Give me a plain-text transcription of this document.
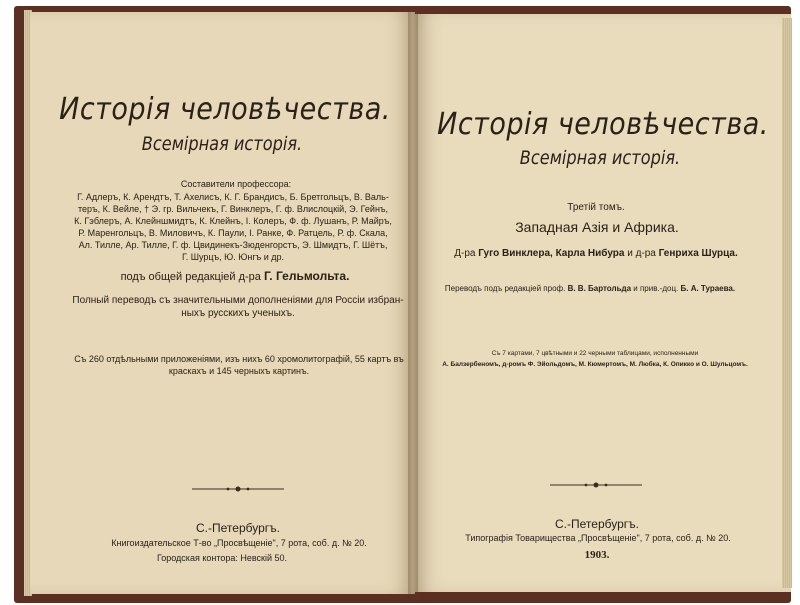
Исторія человѣчества.
Всемірная исторія.
Составители профессора:
Г. Адлеръ, К. Арендтъ, Т. Ахелисъ, К. Г. Брандисъ, Б. Бретгольцъ, В. Валь-
теръ, К. Вейле, † Э. гр. Вильчекъ, Г. Винклеръ, Г. ф. Влислоцкій, Э. Гейнъ,
К. Гэблеръ, А. Клейншмидтъ, К. Клейнъ, І. Колеръ, Ф. ф. Лушанъ, Р. Майръ,
Р. Маренгольцъ, В. Миловичъ, К. Паули, І. Ранке, Ф. Ратцель, Р. ф. Скала,
Ал. Тилле, Ар. Тилле, Г. ф. Цвидинекъ-Зюденгорстъ, Э. Шмидтъ, Г. Шётъ,
Г. Шурцъ, Ю. Юнгъ и др.
подъ общей редакціей д-ра Г. Гельмольта.
Полный переводъ съ значительными дополненіями для Россіи избран-
ныхъ русскихъ ученыхъ.
Съ 260 отдѣльными приложеніями, изъ нихъ 60 хромолитографій, 55 картъ въ
краскахъ и 145 черныхъ картинъ.
С.-Петербургъ.
Книгоиздательское Т-во „Просвѣщеніе", 7 рота, соб. д. № 20.
Городская контора: Невскій 50.
Исторія человѣчества.
Всемірная исторія.
Третій томъ.
Западная Азія и Африка.
Д-ра Гуго Винклера, Карла Нибура и д-ра Генриха Шурца.
Переводъ подъ редакціей проф. В. В. Бартольда и прив.-доц. Б. А. Тураева.
Съ 7 картами, 7 цвѣтными и 22 черными таблицами, исполненными
А. Балзербеномъ, д-ромъ Ф. Эйольдомъ, М. Кюмертомъ, М. Любка, К. Опикко и О. Шульцомъ.
С.-Петербургъ.
Типографія Товарищества „Просвѣщеніе", 7 рота, соб. д. № 20.
1903.
